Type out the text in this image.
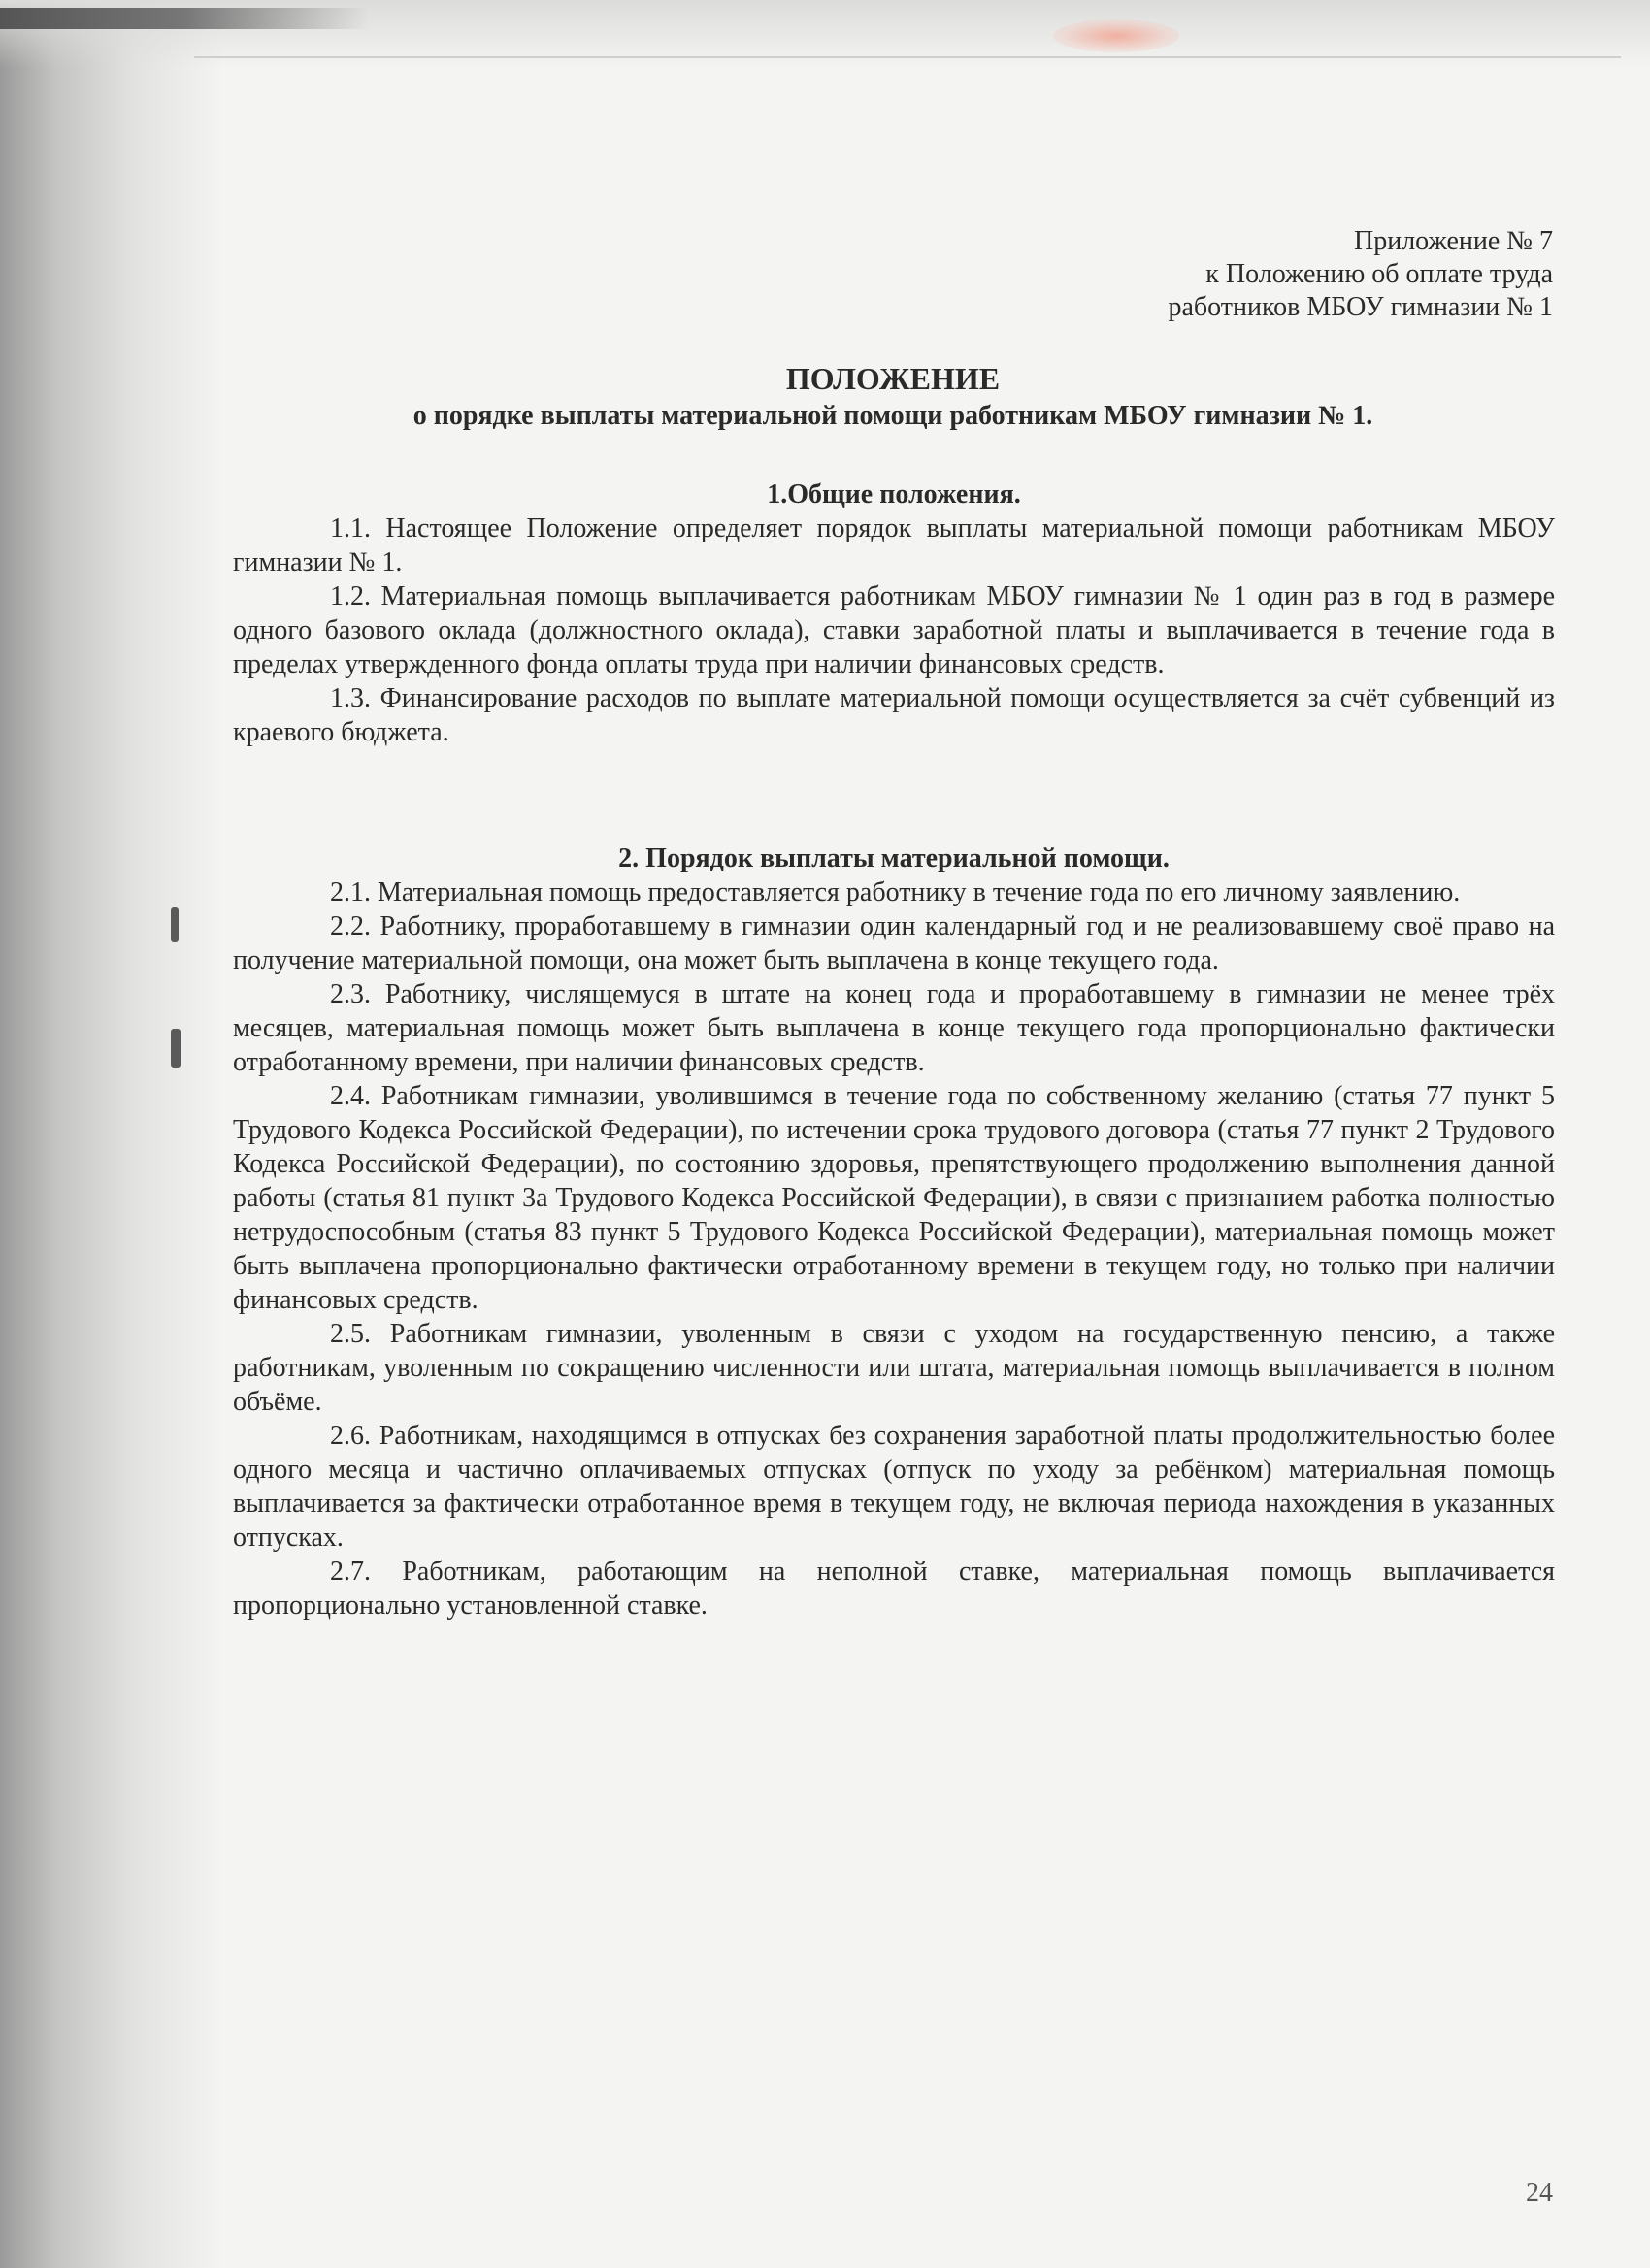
Приложение № 7
к Положению об оплате труда
работников МБОУ гимназии № 1
ПОЛОЖЕНИЕ
о порядке выплаты материальной помощи работникам МБОУ гимназии № 1.

1.Общие положения.

1.1. Настоящее Положение определяет порядок выплаты материальной помощи работникам МБОУ гимназии № 1.

1.2. Материальная помощь выплачивается работникам МБОУ гимназии № 1 один раз в год в размере одного базового оклада (должностного оклада), ставки заработной платы и выплачивается в течение года в пределах утвержденного фонда оплаты труда при наличии финансовых средств.

1.3. Финансирование расходов по выплате материальной помощи осуществляется за счёт субвенций из краевого бюджета.

2. Порядок выплаты материальной помощи.

2.1. Материальная помощь предоставляется работнику в течение года по его личному заявлению.

2.2. Работнику, проработавшему в гимназии один календарный год и не реализовавшему своё право на получение материальной помощи, она может быть выплачена в конце текущего года.

2.3. Работнику, числящемуся в штате на конец года и проработавшему в гимназии не менее трёх месяцев, материальная помощь может быть выплачена в конце текущего года пропорционально фактически отработанному времени, при наличии финансовых средств.

2.4. Работникам гимназии, уволившимся в течение года по собственному желанию (статья 77 пункт 5 Трудового Кодекса Российской Федерации), по истечении срока трудового договора (статья 77 пункт 2 Трудового Кодекса Российской Федерации), по состоянию здоровья, препятствующего продолжению выполнения данной работы (статья 81 пункт 3а Трудового Кодекса Российской Федерации), в связи с признанием работка полностью нетрудоспособным (статья 83 пункт 5 Трудового Кодекса Российской Федерации), материальная помощь может быть выплачена пропорционально фактически отработанному времени в текущем году, но только при наличии финансовых средств.

2.5. Работникам гимназии, уволенным в связи с уходом на государственную пенсию, а также работникам, уволенным по сокращению численности или штата, материальная помощь выплачивается в полном объёме.

2.6. Работникам, находящимся в отпусках без сохранения заработной платы продолжительностью более одного месяца и частично оплачиваемых отпусках (отпуск по уходу за ребёнком) материальная помощь выплачивается за фактически отработанное время в текущем году, не включая периода нахождения в указанных отпусках.

2.7. Работникам, работающим на неполной ставке, материальная помощь выплачивается пропорционально установленной ставке.

24
